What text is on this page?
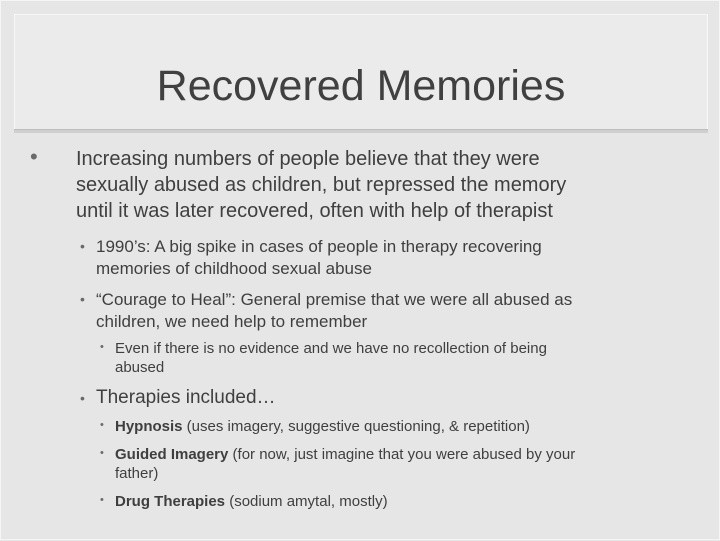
Recovered Memories
• Increasing numbers of people believe that they were
sexually abused as children, but repressed the memory
until it was later recovered, often with help of therapist
• 1990’s: A big spike in cases of people in therapy recovering
memories of childhood sexual abuse
• “Courage to Heal”: General premise that we were all abused as
children, we need help to remember
• Even if there is no evidence and we have no recollection of being
abused
• Therapies included…
• Hypnosis (uses imagery, suggestive questioning, & repetition)
• Guided Imagery (for now, just imagine that you were abused by your
father)
• Drug Therapies (sodium amytal, mostly)
